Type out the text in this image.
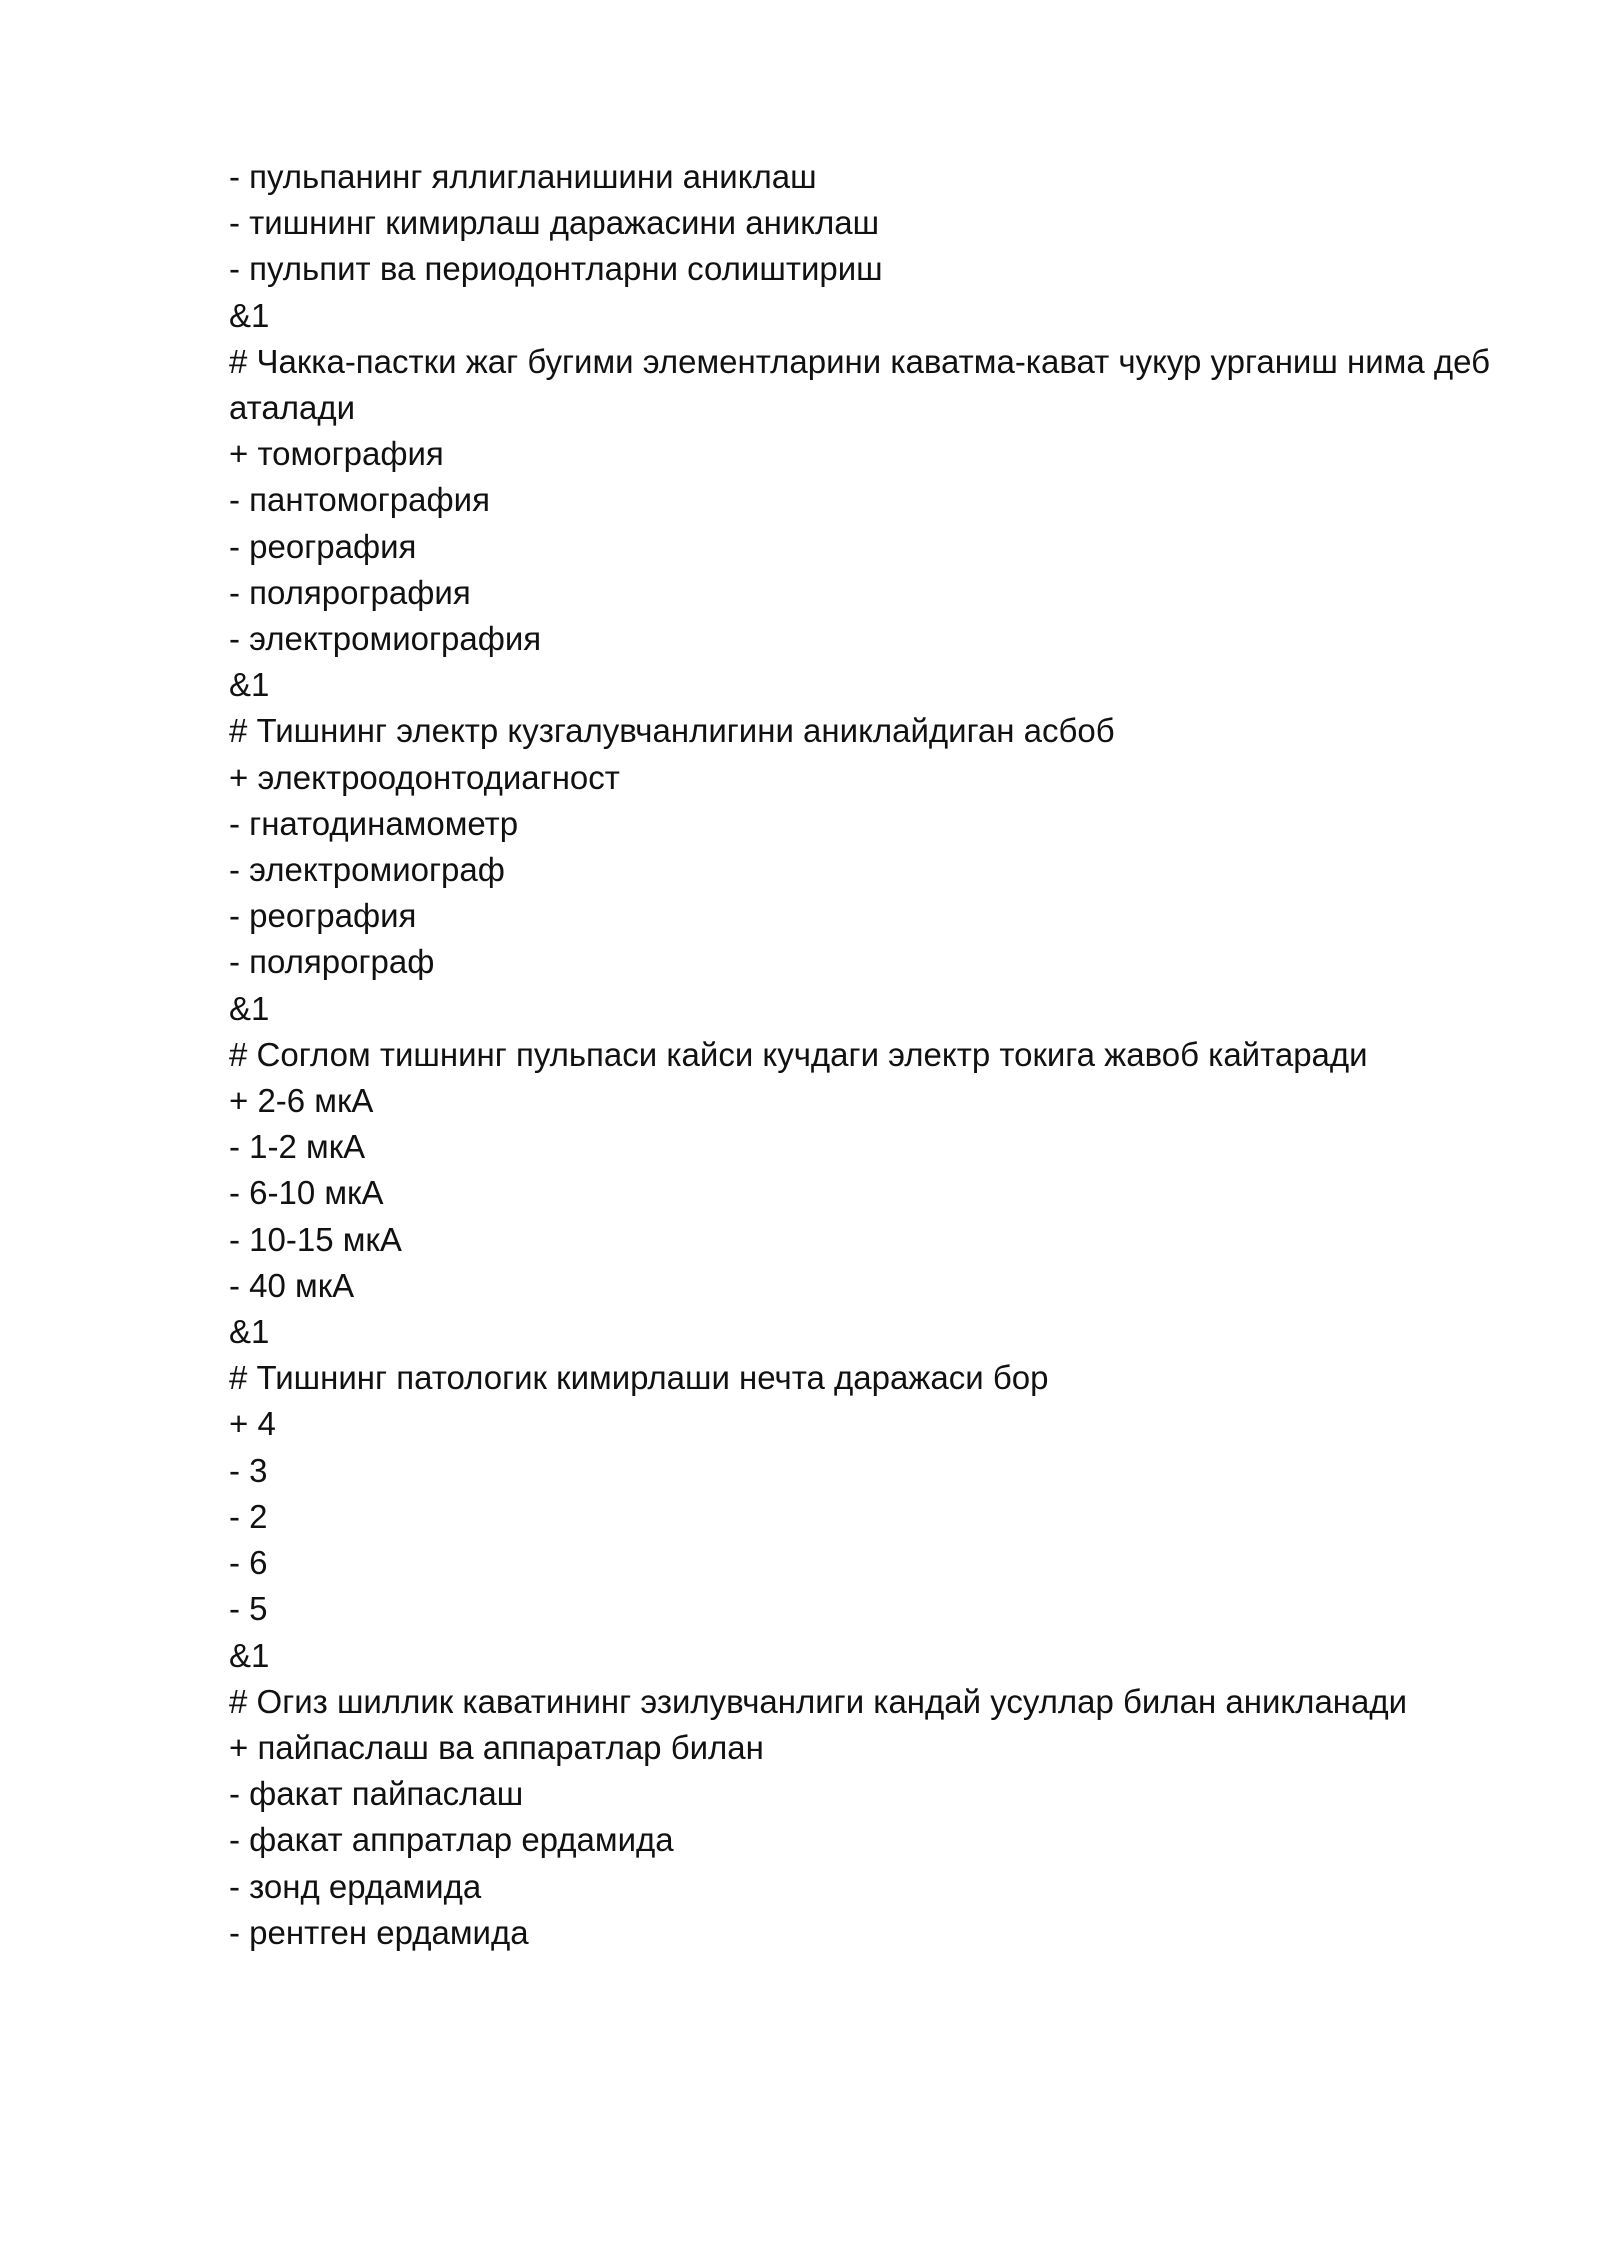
- пульпанинг яллигланишини аниклаш
- тишнинг кимирлаш даражасини аниклаш
- пульпит ва периодонтларни солиштириш
&1
# Чакка-пастки жаг бугими элементларини каватма-кават чукур урганиш нима деб аталади
+ томография
- пантомография
- реография
- полярография
- электромиография
&1
# Тишнинг электр кузгалувчанлигини аниклайдиган асбоб
+ электроодонтодиагност
- гнатодинамометр
- электромиограф
- реография
- полярограф
&1
# Соглом тишнинг пульпаси кайси кучдаги электр токига жавоб кайтаради
+ 2-6 мкА
- 1-2 мкА
- 6-10 мкА
- 10-15 мкА
- 40 мкА
&1
# Тишнинг патологик кимирлаши нечта даражаси бор
+ 4
- 3
- 2
- 6
- 5
&1
# Огиз шиллик каватининг эзилувчанлиги кандай усуллар билан аникланади
+ пайпаслаш ва аппаратлар билан
- факат пайпаслаш
- факат аппратлар ердамида
- зонд ердамида
- рентген ердамида
